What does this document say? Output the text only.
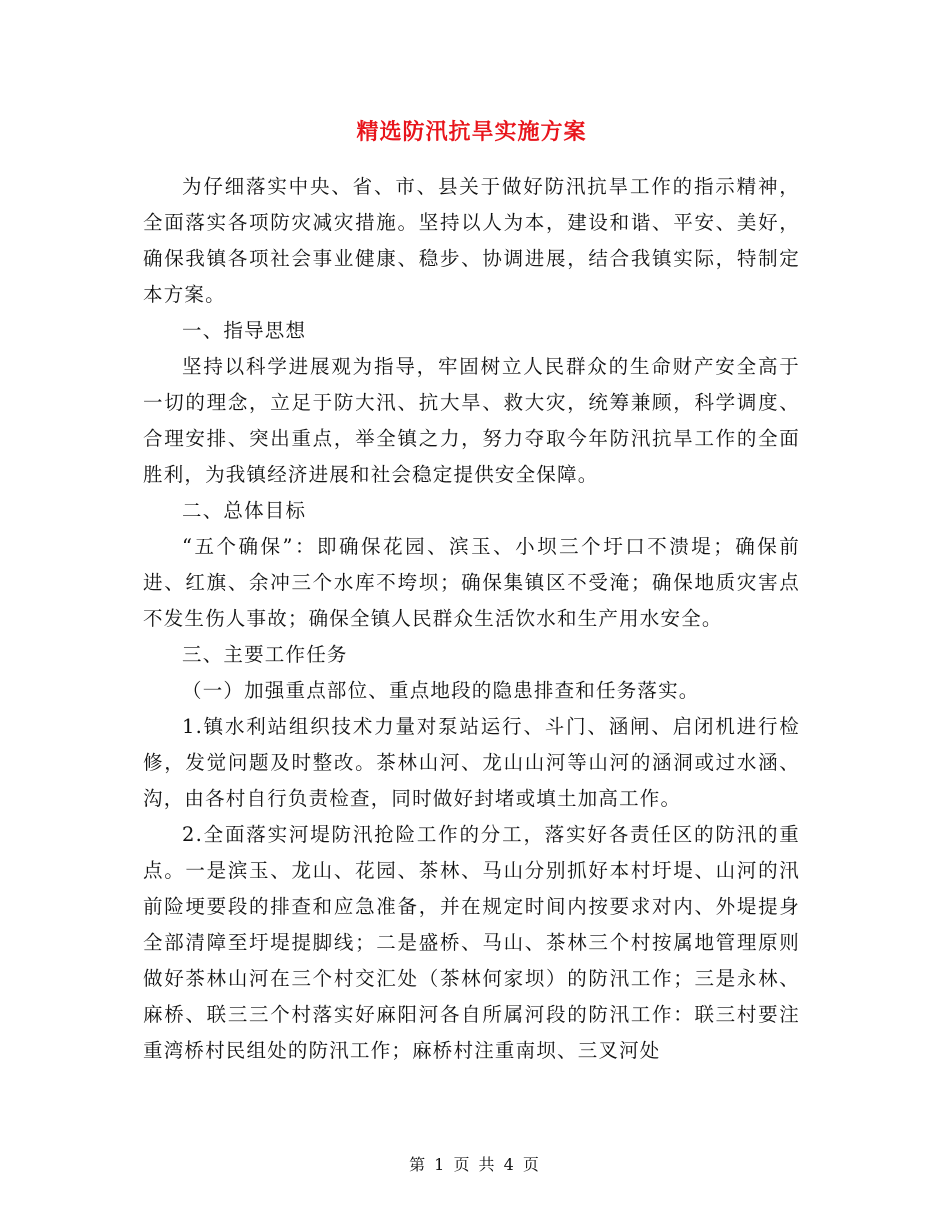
精选防汛抗旱实施方案

为仔细落实中央、省、市、县关于做好防汛抗旱工作的指示精神，全面落实各项防灾减灾措施。坚持以人为本，建设和谐、平安、美好，确保我镇各项社会事业健康、稳步、协调进展，结合我镇实际，特制定本方案。

一、指导思想

坚持以科学进展观为指导，牢固树立人民群众的生命财产安全高于一切的理念，立足于防大汛、抗大旱、救大灾，统筹兼顾，科学调度、合理安排、突出重点，举全镇之力，努力夺取今年防汛抗旱工作的全面胜利，为我镇经济进展和社会稳定提供安全保障。

二、总体目标

“五个确保”：即确保花园、滨玉、小坝三个圩口不溃堤；确保前进、红旗、余冲三个水库不垮坝；确保集镇区不受淹；确保地质灾害点不发生伤人事故；确保全镇人民群众生活饮水和生产用水安全。

三、主要工作任务

（一）加强重点部位、重点地段的隐患排查和任务落实。

1.镇水利站组织技术力量对泵站运行、斗门、涵闸、启闭机进行检修，发觉问题及时整改。茶林山河、龙山山河等山河的涵洞或过水涵、沟，由各村自行负责检查，同时做好封堵或填土加高工作。

2.全面落实河堤防汛抢险工作的分工，落实好各责任区的防汛的重点。一是滨玉、龙山、花园、茶林、马山分别抓好本村圩堤、山河的汛前险埂要段的排查和应急准备，并在规定时间内按要求对内、外堤提身全部清障至圩堤提脚线；二是盛桥、马山、茶林三个村按属地管理原则做好茶林山河在三个村交汇处（茶林何家坝）的防汛工作；三是永林、麻桥、联三三个村落实好麻阳河各自所属河段的防汛工作：联三村要注重湾桥村民组处的防汛工作；麻桥村注重南坝、三叉河处

第 1 页 共 4 页
